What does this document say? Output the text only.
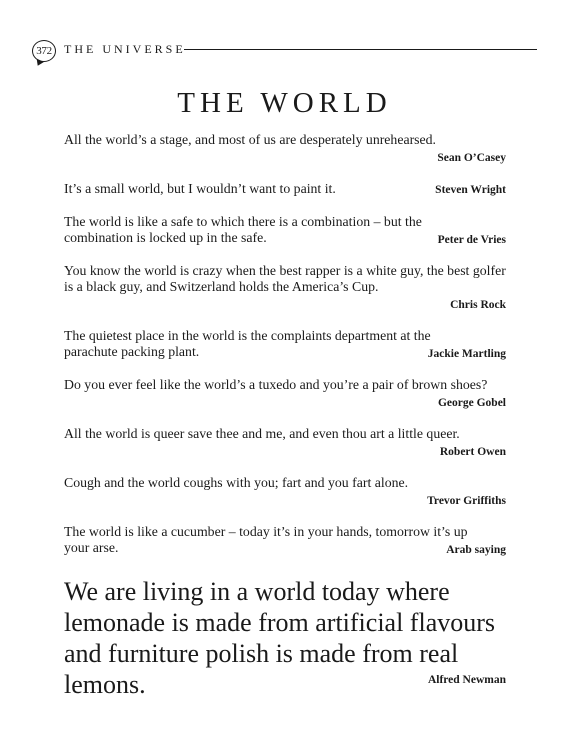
372	THE UNIVERSE
THE WORLD
All the world’s a stage, and most of us are desperately unrehearsed.
Sean O’Casey
It’s a small world, but I wouldn’t want to paint it.	Steven Wright
The world is like a safe to which there is a combination – but the combination is locked up in the safe.	Peter de Vries
You know the world is crazy when the best rapper is a white guy, the best golfer is a black guy, and Switzerland holds the America’s Cup.
Chris Rock
The quietest place in the world is the complaints department at the parachute packing plant.	Jackie Martling
Do you ever feel like the world’s a tuxedo and you’re a pair of brown shoes?
George Gobel
All the world is queer save thee and me, and even thou art a little queer.
Robert Owen
Cough and the world coughs with you; fart and you fart alone.
Trevor Griffiths
The world is like a cucumber – today it’s in your hands, tomorrow it’s up your arse.	Arab saying
We are living in a world today where lemonade is made from artificial flavours and furniture polish is made from real lemons.	Alfred Newman
